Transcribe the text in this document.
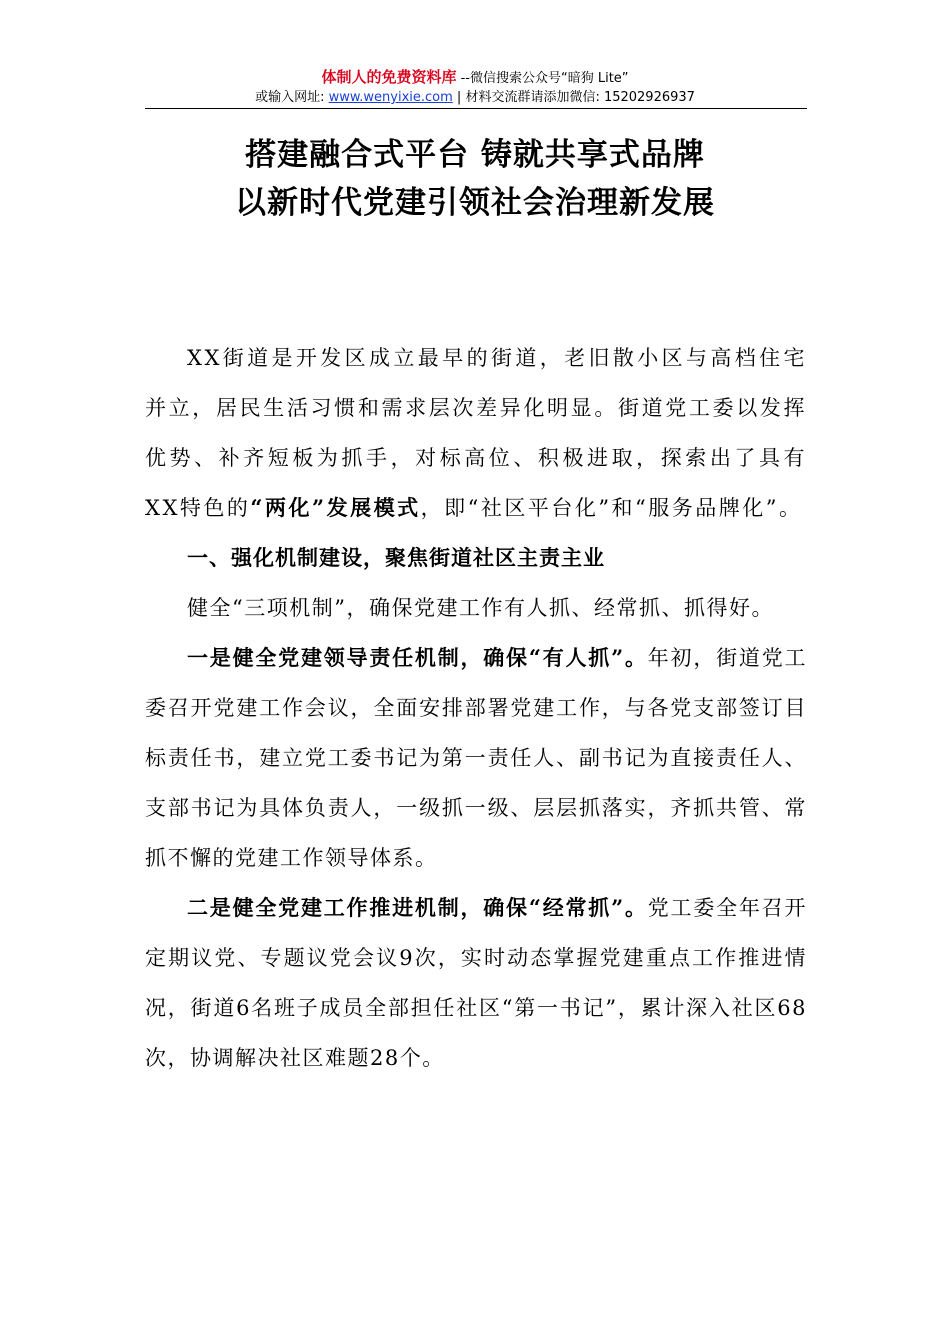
体制人的免费资料库 --微信搜索公众号“暗狗 Lite”
或输入网址: www.wenyixie.com | 材料交流群请添加微信: 15202926937
搭建融合式平台 铸就共享式品牌
以新时代党建引领社会治理新发展

XX街道是开发区成立最早的街道，老旧散小区与高档住宅并立，居民生活习惯和需求层次差异化明显。街道党工委以发挥优势、补齐短板为抓手，对标高位、积极进取，探索出了具有XX特色的“两化”发展模式，即“社区平台化”和“服务品牌化”。

一、强化机制建设，聚焦街道社区主责主业

健全“三项机制”，确保党建工作有人抓、经常抓、抓得好。

一是健全党建领导责任机制，确保“有人抓”。年初，街道党工委召开党建工作会议，全面安排部署党建工作，与各党支部签订目标责任书，建立党工委书记为第一责任人、副书记为直接责任人、支部书记为具体负责人，一级抓一级、层层抓落实，齐抓共管、常抓不懈的党建工作领导体系。

二是健全党建工作推进机制，确保“经常抓”。党工委全年召开定期议党、专题议党会议9次，实时动态掌握党建重点工作推进情况，街道6名班子成员全部担任社区“第一书记”，累计深入社区68次，协调解决社区难题28个。
